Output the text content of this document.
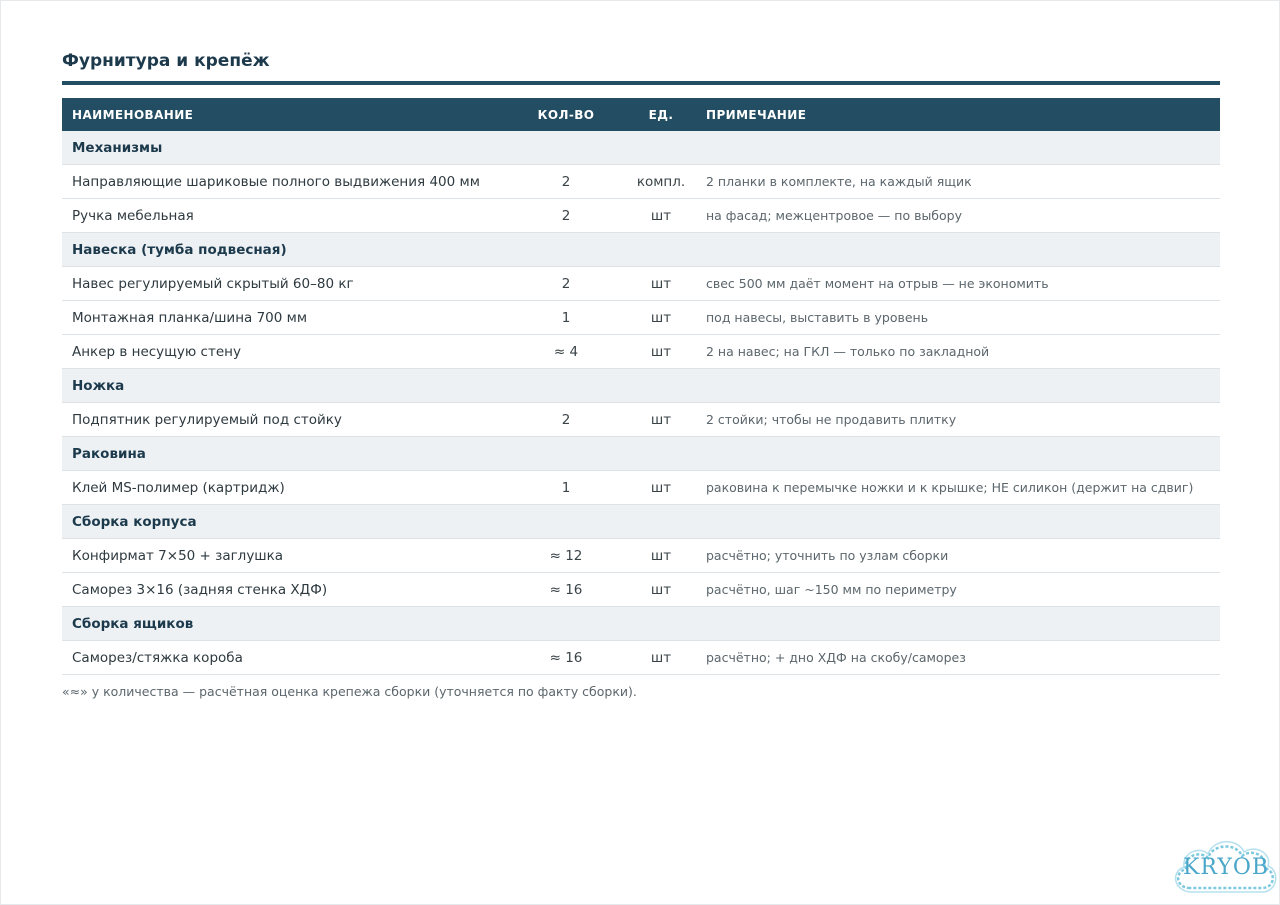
Фурнитура и крепёж
НАИМЕНОВАНИЕ	КОЛ-ВО	ЕД.	ПРИМЕЧАНИЕ
Механизмы			
Направляющие шариковые полного выдвижения 400 мм	2	компл.	2 планки в комплекте, на каждый ящик
Ручка мебельная	2	шт	на фасад; межцентровое — по выбору
Навеска (тумба подвесная)			
Навес регулируемый скрытый 60–80 кг	2	шт	свес 500 мм даёт момент на отрыв — не экономить
Монтажная планка/шина 700 мм	1	шт	под навесы, выставить в уровень
Анкер в несущую стену	≈ 4	шт	2 на навес; на ГКЛ — только по закладной
Ножка			
Подпятник регулируемый под стойку	2	шт	2 стойки; чтобы не продавить плитку
Раковина			
Клей MS-полимер (картридж)	1	шт	раковина к перемычке ножки и к крышке; НЕ силикон (держит на сдвиг)
Сборка корпуса			
Конфирмат 7×50 + заглушка	≈ 12	шт	расчётно; уточнить по узлам сборки
Саморез 3×16 (задняя стенка ХДФ)	≈ 16	шт	расчётно, шаг ~150 мм по периметру
Сборка ящиков			
Саморез/стяжка короба	≈ 16	шт	расчётно; + дно ХДФ на скобу/саморез
«≈» у количества — расчётная оценка крепежа сборки (уточняется по факту сборки).
KRYOB
